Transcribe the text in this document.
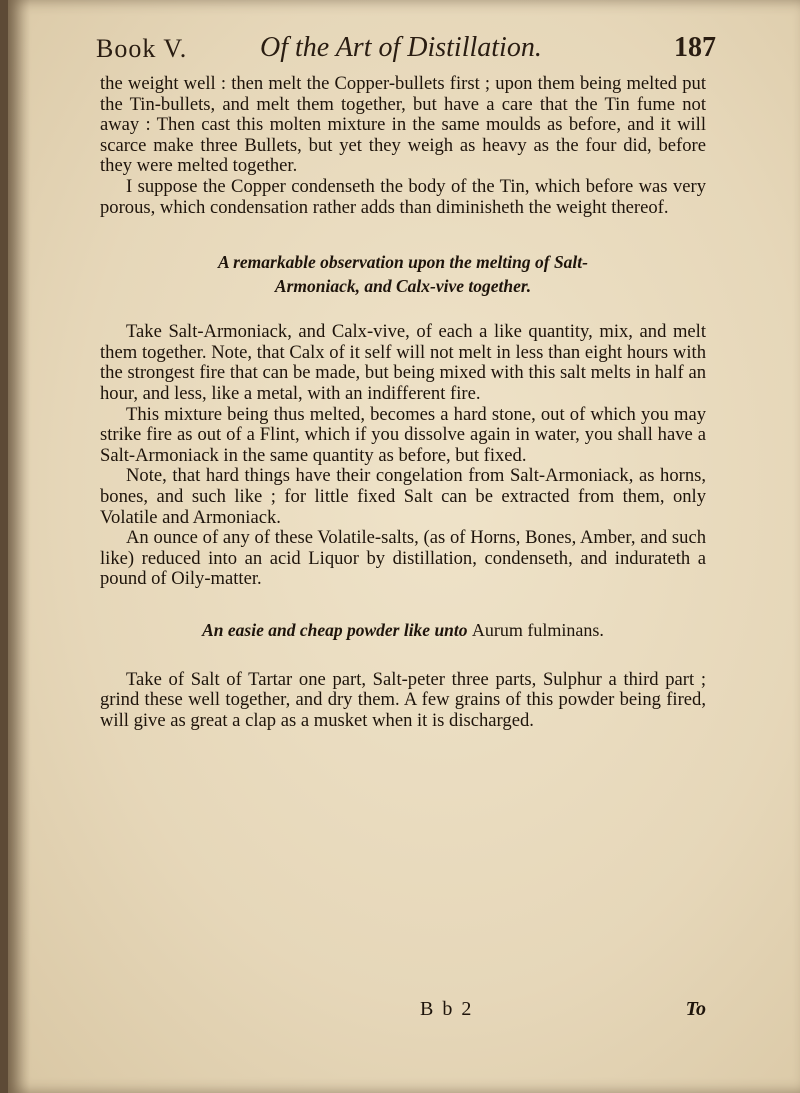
Book V.	Of the Art of Distillation.	187

the weight well : then melt the Copper-bullets first ; upon them being melted put the Tin-bullets, and melt them together, but have a care that the Tin fume not away : Then cast this molten mixture in the same moulds as before, and it will scarce make three Bullets, but yet they weigh as heavy as the four did, before they were melted together.

I suppose the Copper condenseth the body of the Tin, which before was very porous, which condensation rather adds than diminisheth the weight thereof.

A remarkable observation upon the melting of Salt-
Armoniack, and Calx-vive together.

Take Salt-Armoniack, and Calx-vive, of each a like quantity, mix, and melt them together. Note, that Calx of it self will not melt in less than eight hours with the strongest fire that can be made, but being mixed with this salt melts in half an hour, and less, like a metal, with an indifferent fire.

This mixture being thus melted, becomes a hard stone, out of which you may strike fire as out of a Flint, which if you dissolve again in water, you shall have a Salt-Armoniack in the same quantity as before, but fixed.

Note, that hard things have their congelation from Salt-Armoniack, as horns, bones, and such like ; for little fixed Salt can be extracted from them, only Volatile and Armoniack.

An ounce of any of these Volatile-salts, (as of Horns, Bones, Amber, and such like) reduced into an acid Liquor by distillation, condenseth, and indurateth a pound of Oily-matter.

An easie and cheap powder like unto Aurum fulminans.

Take of Salt of Tartar one part, Salt-peter three parts, Sulphur a third part ; grind these well together, and dry them. A few grains of this powder being fired, will give as great a clap as a musket when it is discharged.

B b 2	To
